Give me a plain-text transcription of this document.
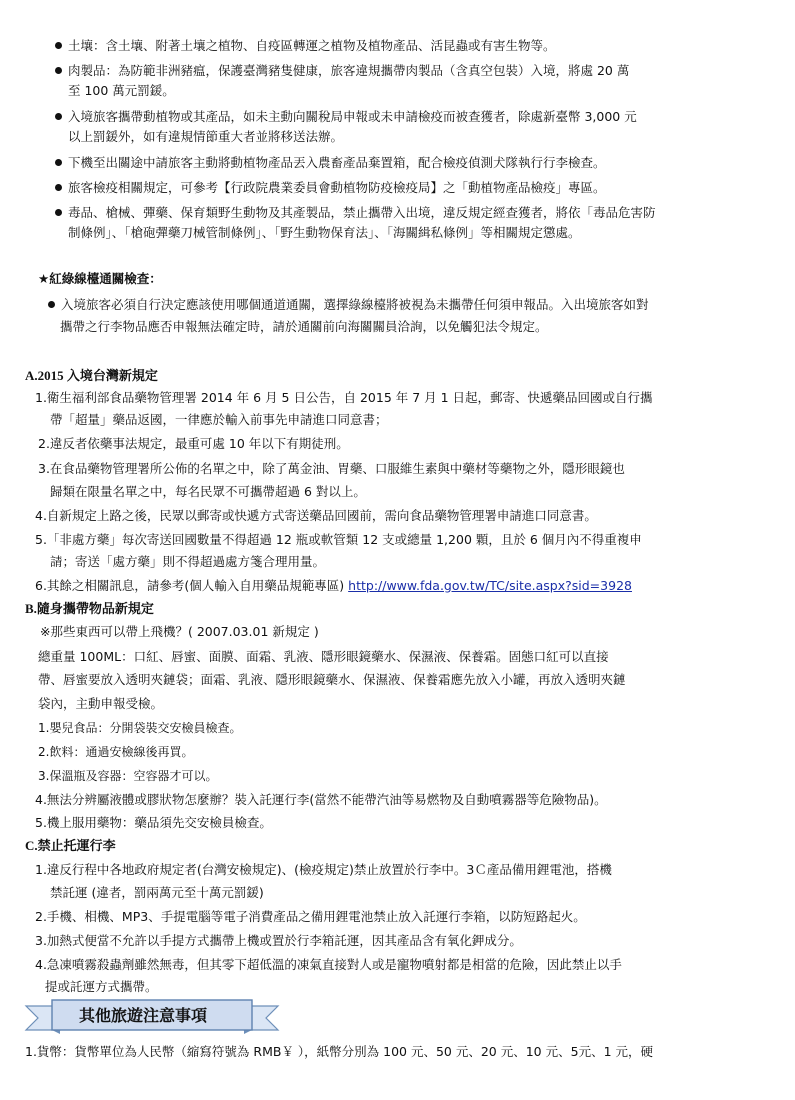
土壤：含土壤、附著土壤之植物、自疫區轉運之植物及植物產品、活昆蟲或有害生物等。
肉製品：為防範非洲豬瘟，保護臺灣豬隻健康，旅客違規攜帶肉製品（含真空包裝）入境，將處 20 萬
至 100 萬元罰鍰。
入境旅客攜帶動植物或其產品，如未主動向關稅局申報或未申請檢疫而被查獲者，除處新臺幣 3,000 元
以上罰鍰外，如有違規情節重大者並將移送法辦。
下機至出關途中請旅客主動將動植物產品丟入農畜產品棄置箱，配合檢疫偵測犬隊執行行李檢查。
旅客檢疫相關規定，可參考【行政院農業委員會動植物防疫檢疫局】之「動植物產品檢疫」專區。
毒品、槍械、彈藥、保育類野生動物及其產製品，禁止攜帶入出境，違反規定經查獲者，將依「毒品危害防
制條例」、「槍砲彈藥刀械管制條例」、「野生動物保育法」、「海關緝私條例」等相關規定懲處。
★紅綠線檯通關檢查：
入境旅客必須自行決定應該使用哪個通道通關，選擇綠線檯將被視為未攜帶任何須申報品。入出境旅客如對
攜帶之行李物品應否申報無法確定時，請於通關前向海關關員洽詢，以免觸犯法令規定。
A.2015 入境台灣新規定
1.衛生福利部食品藥物管理署 2014 年 6 月 5 日公告，自 2015 年 7 月 1 日起，郵寄、快遞藥品回國或自行攜
帶「超量」藥品返國，一律應於輸入前事先申請進口同意書；
2.違反者依藥事法規定，最重可處 10 年以下有期徒刑。
3.在食品藥物管理署所公佈的名單之中，除了萬金油、胃藥、口服維生素與中藥材等藥物之外，隱形眼鏡也
歸類在限量名單之中，每名民眾不可攜帶超過 6 對以上。
4.自新規定上路之後，民眾以郵寄或快遞方式寄送藥品回國前，需向食品藥物管理署申請進口同意書。
5.「非處方藥」每次寄送回國數量不得超過 12 瓶或軟管類 12 支或總量 1,200 顆，且於 6 個月內不得重複申
請；寄送「處方藥」則不得超過處方箋合理用量。
6.其餘之相關訊息，請參考(個人輸入自用藥品規範專區) http://www.fda.gov.tw/TC/site.aspx?sid=3928
B.隨身攜帶物品新規定
※那些東西可以帶上飛機？( 2007.03.01 新規定 )
總重量 100ML：口紅、唇蜜、面膜、面霜、乳液、隱形眼鏡藥水、保濕液、保養霜。固態口紅可以直接
帶、唇蜜要放入透明夾鏈袋；面霜、乳液、隱形眼鏡藥水、保濕液、保養霜應先放入小罐，再放入透明夾鏈
袋內，主動申報受檢。
1.嬰兒食品：分開袋裝交安檢員檢查。
2.飲料：通過安檢線後再買。
3.保溫瓶及容器：空容器才可以。
4.無法分辨屬液體或膠狀物怎麼辦？裝入託運行李(當然不能帶汽油等易燃物及自動噴霧器等危險物品)。
5.機上服用藥物：藥品須先交安檢員檢查。
C.禁止托運行李
1.違反行程中各地政府規定者(台灣安檢規定)、(檢疫規定)禁止放置於行李中。3Ｃ產品備用鋰電池，搭機
禁託運 (違者，罰兩萬元至十萬元罰鍰)
2.手機、相機、MP3、手提電腦等電子消費產品之備用鋰電池禁止放入託運行李箱，以防短路起火。
3.加熱式便當不允許以手提方式攜帶上機或置於行李箱託運，因其產品含有氧化鉀成分。
4.急凍噴霧殺蟲劑雖然無毒，但其零下超低溫的凍氣直接對人或是寵物噴射都是相當的危險，因此禁止以手
提或託運方式攜帶。
其他旅遊注意事項
1.貨幣：貨幣單位為人民幣（縮寫符號為 RMB￥ ），紙幣分別為 100 元、50 元、20 元、10 元、5元、1 元，硬
